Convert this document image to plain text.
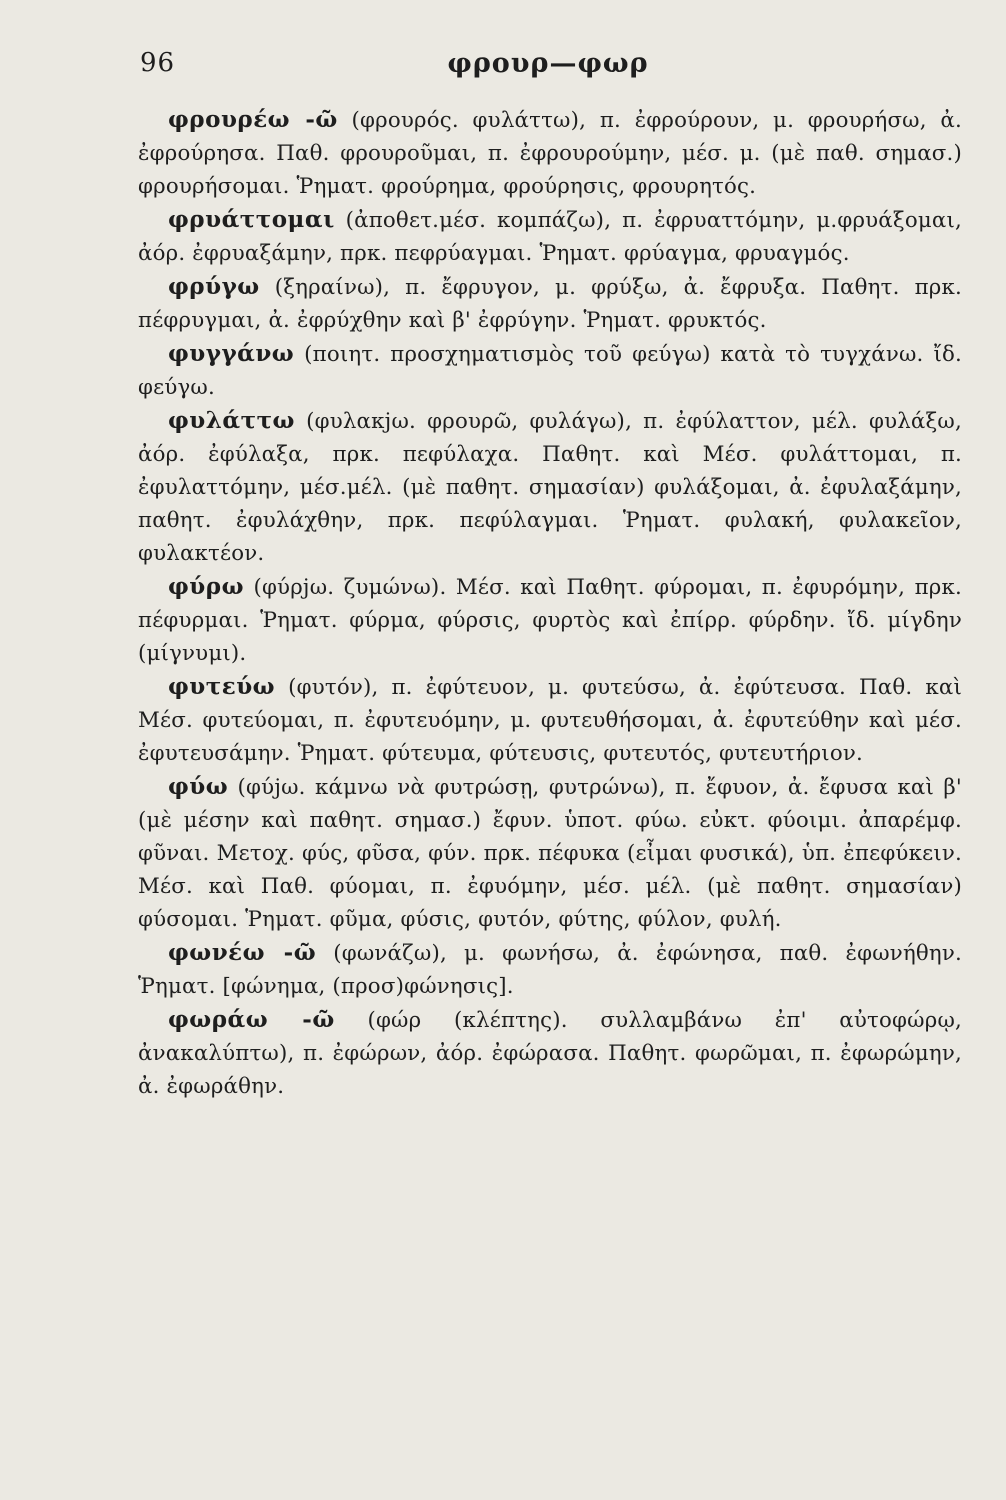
96	φρουρ—φωρ

φρουρέω -ῶ (φρουρός. φυλάττω), π. ἐφρούρουν, μ. φρουρήσω, ἀ. ἐφρούρησα. Παθ. φρουροῦμαι, π. ἐφρουρούμην, μέσ. μ. (μὲ παθ. σημασ.) φρουρήσομαι. Ῥηματ. φρούρημα, φρούρησις, φρουρητός.

φρυάττομαι (ἀποθετ.μέσ. κομπάζω), π. ἐφρυαττόμην, μ.φρυάξομαι, ἀόρ. ἐφρυαξάμην, πρκ. πεφρύαγμαι. Ῥηματ. φρύαγμα, φρυαγμός.

φρύγω (ξηραίνω), π. ἔφρυγον, μ. φρύξω, ἀ. ἔφρυξα. Παθητ. πρκ. πέφρυγμαι, ἀ. ἐφρύχθην καὶ β' ἐφρύγην. Ῥηματ. φρυκτός.

φυγγάνω (ποιητ. προσχηματισμὸς τοῦ φεύγω) κατὰ τὸ τυγχάνω. ἴδ. φεύγω.

φυλάττω (φυλακjω. φρουρῶ, φυλάγω), π. ἐφύλαττον, μέλ. φυλάξω, ἀόρ. ἐφύλαξα, πρκ. πεφύλαχα. Παθητ. καὶ Μέσ. φυλάττομαι, π. ἐφυλαττόμην, μέσ.μέλ. (μὲ παθητ. σημασίαν) φυλάξομαι, ἀ. ἐφυλαξάμην, παθητ. ἐφυλάχθην, πρκ. πεφύλαγμαι. Ῥηματ. φυλακή, φυλακεῖον, φυλακτέον.

φύρω (φύρjω. ζυμώνω). Μέσ. καὶ Παθητ. φύρομαι, π. ἐφυρόμην, πρκ. πέφυρμαι. Ῥηματ. φύρμα, φύρσις, φυρτὸς καὶ ἐπίρρ. φύρδην. ἴδ. μίγδην (μίγνυμι).

φυτεύω (φυτόν), π. ἐφύτευον, μ. φυτεύσω, ἀ. ἐφύτευσα. Παθ. καὶ Μέσ. φυτεύομαι, π. ἐφυτευόμην, μ. φυτευθήσομαι, ἀ. ἐφυτεύθην καὶ μέσ. ἐφυτευσάμην. Ῥηματ. φύτευμα, φύτευσις, φυτευτός, φυτευτήριον.

φύω (φύjω. κάμνω νὰ φυτρώσῃ, φυτρώνω), π. ἔφυον, ἀ. ἔφυσα καὶ β' (μὲ μέσην καὶ παθητ. σημασ.) ἔφυν. ὑποτ. φύω. εὐκτ. φύοιμι. ἀπαρέμφ. φῦναι. Μετοχ. φύς, φῦσα, φύν. πρκ. πέφυκα (εἶμαι φυσικά), ὑπ. ἐπεφύκειν. Μέσ. καὶ Παθ. φύομαι, π. ἐφυόμην, μέσ. μέλ. (μὲ παθητ. σημασίαν) φύσομαι. Ῥηματ. φῦμα, φύσις, φυτόν, φύτης, φύλον, φυλή.

φωνέω -ῶ (φωνάζω), μ. φωνήσω, ἀ. ἐφώνησα, παθ. ἐφωνήθην. Ῥηματ. [φώνημα, (προσ)φώνησις].

φωράω -ῶ (φώρ (κλέπτης). συλλαμβάνω ἐπ' αὐτοφώρῳ, ἀνακαλύπτω), π. ἐφώρων, ἀόρ. ἐφώρασα. Παθητ. φωρῶμαι, π. ἐφωρώμην, ἀ. ἐφωράθην.
